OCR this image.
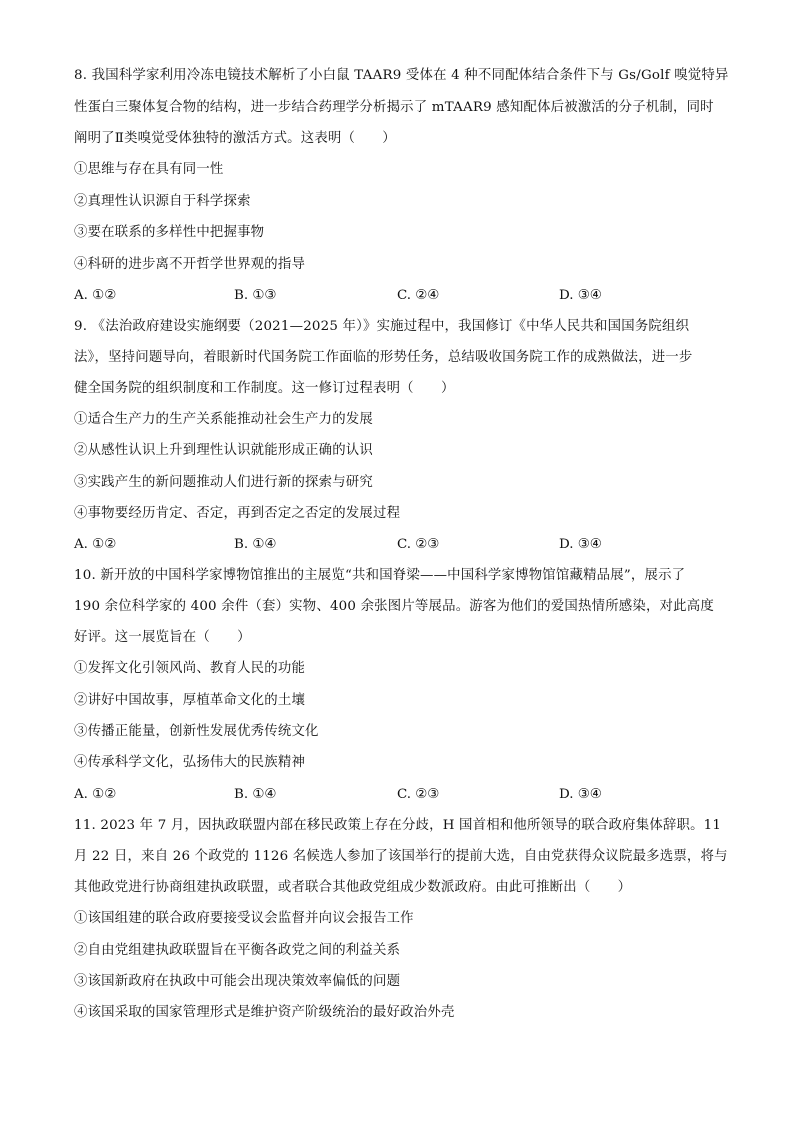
8. 我国科学家利用冷冻电镜技术解析了小白鼠 TAAR9 受体在 4 种不同配体结合条件下与 Gs/Golf 嗅觉特异
性蛋白三聚体复合物的结构，进一步结合药理学分析揭示了 mTAAR9 感知配体后被激活的分子机制，同时
阐明了Ⅱ类嗅觉受体独特的激活方式。这表明（　　）
①思维与存在具有同一性
②真理性认识源自于科学探索
③要在联系的多样性中把握事物
④科研的进步离不开哲学世界观的指导
A. ①②	B. ①③	C. ②④	D. ③④
9. 《法治政府建设实施纲要（2021—2025 年）》实施过程中，我国修订《中华人民共和国国务院组织
法》，坚持问题导向，着眼新时代国务院工作面临的形势任务，总结吸收国务院工作的成熟做法，进一步
健全国务院的组织制度和工作制度。这一修订过程表明（　　）
①适合生产力的生产关系能推动社会生产力的发展
②从感性认识上升到理性认识就能形成正确的认识
③实践产生的新问题推动人们进行新的探索与研究
④事物要经历肯定、否定，再到否定之否定的发展过程
A. ①②	B. ①④	C. ②③	D. ③④
10. 新开放的中国科学家博物馆推出的主展览“共和国脊梁——中国科学家博物馆馆藏精品展”，展示了
190 余位科学家的 400 余件（套）实物、400 余张图片等展品。游客为他们的爱国热情所感染，对此高度
好评。这一展览旨在（　　）
①发挥文化引领风尚、教育人民的功能
②讲好中国故事，厚植革命文化的土壤
③传播正能量，创新性发展优秀传统文化
④传承科学文化，弘扬伟大的民族精神
A. ①②	B. ①④	C. ②③	D. ③④
11. 2023 年 7 月，因执政联盟内部在移民政策上存在分歧，H 国首相和他所领导的联合政府集体辞职。11
月 22 日，来自 26 个政党的 1126 名候选人参加了该国举行的提前大选，自由党获得众议院最多选票，将与
其他政党进行协商组建执政联盟，或者联合其他政党组成少数派政府。由此可推断出（　　）
①该国组建的联合政府要接受议会监督并向议会报告工作
②自由党组建执政联盟旨在平衡各政党之间的利益关系
③该国新政府在执政中可能会出现决策效率偏低的问题
④该国采取的国家管理形式是维护资产阶级统治的最好政治外壳
